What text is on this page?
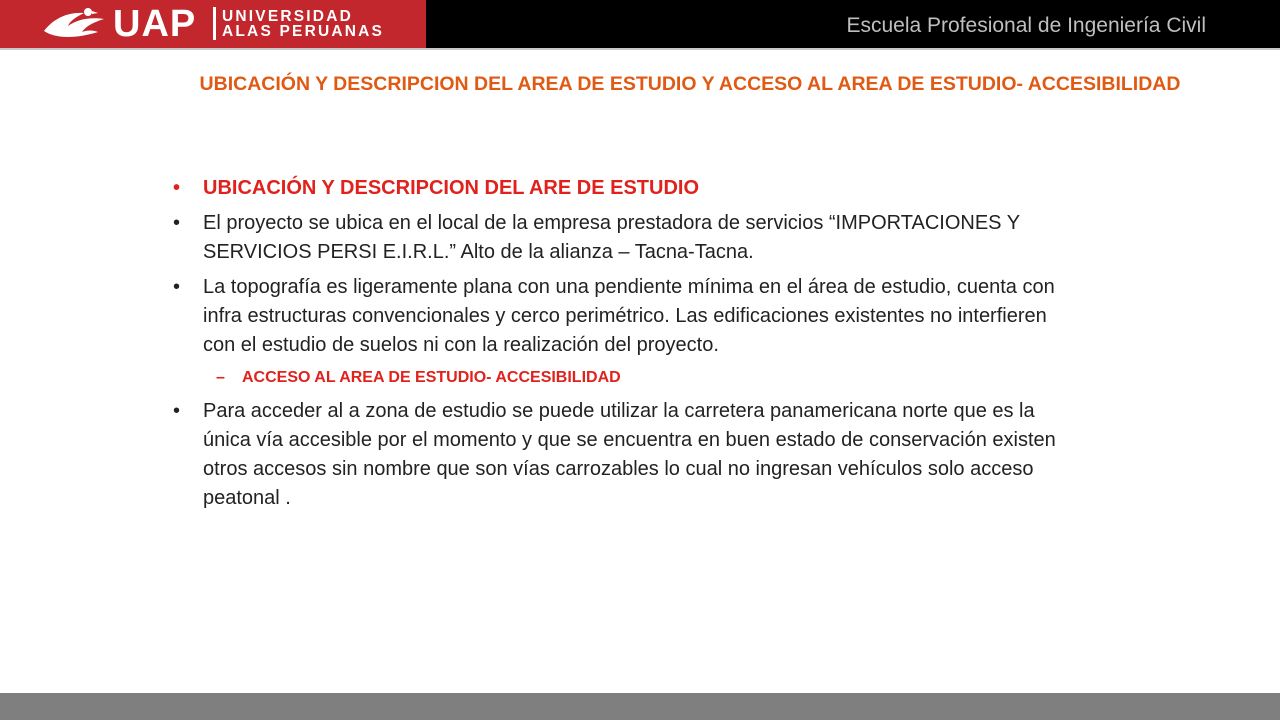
UAP UNIVERSIDAD
ALAS PERUANAS	Escuela Profesional de Ingeniería Civil
UBICACIÓN Y DESCRIPCION DEL AREA DE ESTUDIO Y ACCESO AL AREA DE ESTUDIO- ACCESIBILIDAD
• UBICACIÓN Y DESCRIPCION DEL ARE DE ESTUDIO
• El proyecto se ubica en el local de la empresa prestadora de servicios “IMPORTACIONES Y SERVICIOS PERSI E.I.R.L.” Alto de la alianza – Tacna-Tacna.
• La topografía es ligeramente plana con una pendiente mínima en el área de estudio, cuenta con infra estructuras convencionales y cerco perimétrico. Las edificaciones existentes no interfieren con el estudio de suelos ni con la realización del proyecto.
– ACCESO AL AREA DE ESTUDIO- ACCESIBILIDAD
• Para acceder al a zona de estudio se puede utilizar la carretera panamericana norte que es la única vía accesible por el momento y que se encuentra en buen estado de conservación existen otros accesos sin nombre que son vías carrozables lo cual no ingresan vehículos solo acceso peatonal .
